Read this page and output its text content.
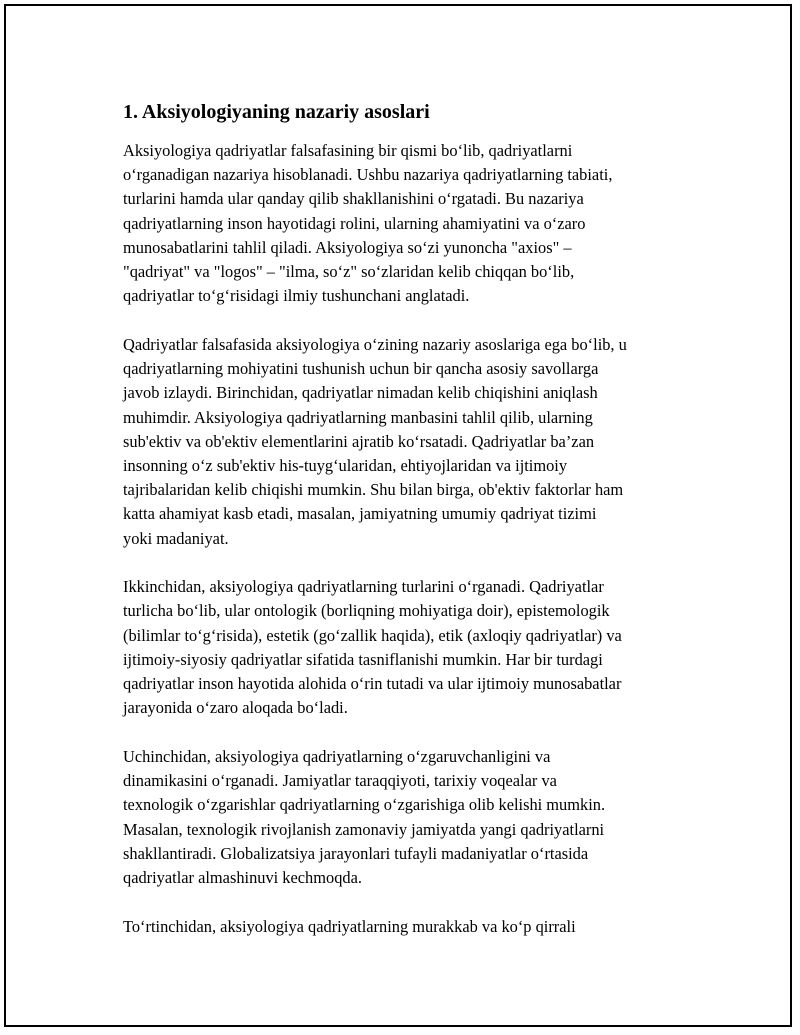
1. Aksiyologiyaning nazariy asoslari
Aksiyologiya qadriyatlar falsafasining bir qismi bo‘lib, qadriyatlarni
o‘rganadigan nazariya hisoblanadi. Ushbu nazariya qadriyatlarning tabiati,
turlarini hamda ular qanday qilib shakllanishini o‘rgatadi. Bu nazariya
qadriyatlarning inson hayotidagi rolini, ularning ahamiyatini va o‘zaro
munosabatlarini tahlil qiladi. Aksiyologiya so‘zi yunoncha "axios" –
"qadriyat" va "logos" – "ilma, so‘z" so‘zlaridan kelib chiqqan bo‘lib,
qadriyatlar to‘g‘risidagi ilmiy tushunchani anglatadi.
Qadriyatlar falsafasida aksiyologiya o‘zining nazariy asoslariga ega bo‘lib, u
qadriyatlarning mohiyatini tushunish uchun bir qancha asosiy savollarga
javob izlaydi. Birinchidan, qadriyatlar nimadan kelib chiqishini aniqlash
muhimdir. Aksiyologiya qadriyatlarning manbasini tahlil qilib, ularning
sub'ektiv va ob'ektiv elementlarini ajratib ko‘rsatadi. Qadriyatlar ba’zan
insonning o‘z sub'ektiv his-tuyg‘ularidan, ehtiyojlaridan va ijtimoiy
tajribalaridan kelib chiqishi mumkin. Shu bilan birga, ob'ektiv faktorlar ham
katta ahamiyat kasb etadi, masalan, jamiyatning umumiy qadriyat tizimi
yoki madaniyat.
Ikkinchidan, aksiyologiya qadriyatlarning turlarini o‘rganadi. Qadriyatlar
turlicha bo‘lib, ular ontologik (borliqning mohiyatiga doir), epistemologik
(bilimlar to‘g‘risida), estetik (go‘zallik haqida), etik (axloqiy qadriyatlar) va
ijtimoiy-siyosiy qadriyatlar sifatida tasniflanishi mumkin. Har bir turdagi
qadriyatlar inson hayotida alohida o‘rin tutadi va ular ijtimoiy munosabatlar
jarayonida o‘zaro aloqada bo‘ladi.
Uchinchidan, aksiyologiya qadriyatlarning o‘zgaruvchanligini va
dinamikasini o‘rganadi. Jamiyatlar taraqqiyoti, tarixiy voqealar va
texnologik o‘zgarishlar qadriyatlarning o‘zgarishiga olib kelishi mumkin.
Masalan, texnologik rivojlanish zamonaviy jamiyatda yangi qadriyatlarni
shakllantiradi. Globalizatsiya jarayonlari tufayli madaniyatlar o‘rtasida
qadriyatlar almashinuvi kechmoqda.
To‘rtinchidan, aksiyologiya qadriyatlarning murakkab va ko‘p qirrali
